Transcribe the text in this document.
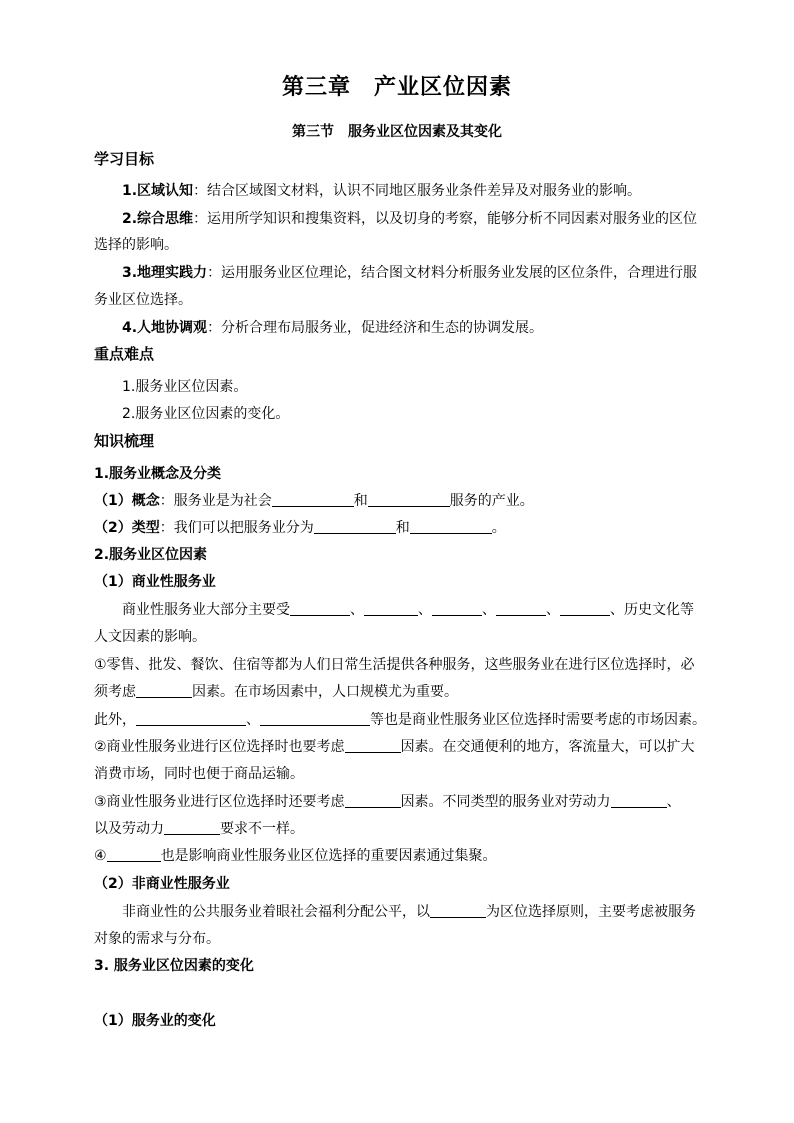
第三章　产业区位因素
第三节　服务业区位因素及其变化
学习目标
1.区域认知：结合区域图文材料，认识不同地区服务业条件差异及对服务业的影响。
2.综合思维：运用所学知识和搜集资料，以及切身的考察，能够分析不同因素对服务业的区位
选择的影响。
3.地理实践力：运用服务业区位理论，结合图文材料分析服务业发展的区位条件，合理进行服
务业区位选择。
4.人地协调观：分析合理布局服务业，促进经济和生态的协调发展。
重点难点
1.服务业区位因素。
2.服务业区位因素的变化。
知识梳理
1.服务业概念及分类
（1）概念：服务业是为社会	和	服务的产业。
（2）类型：我们可以把服务业分为	和	。
2.服务业区位因素
（1）商业性服务业
商业性服务业大部分主要受	、	、	、	、	、历史文化等
人文因素的影响。
①零售、批发、餐饮、住宿等都为人们日常生活提供各种服务，这些服务业在进行区位选择时，必
须考虑	因素。在市场因素中，人口规模尤为重要。
此外，	、	等也是商业性服务业区位选择时需要考虑的市场因素。
②商业性服务业进行区位选择时也要考虑	因素。在交通便利的地方，客流量大，可以扩大
消费市场，同时也便于商品运输。
③商业性服务业进行区位选择时还要考虑	因素。不同类型的服务业对劳动力	、
以及劳动力	要求不一样。
④	也是影响商业性服务业区位选择的重要因素通过集聚。
（2）非商业性服务业
非商业性的公共服务业着眼社会福利分配公平，以	为区位选择原则，主要考虑被服务
对象的需求与分布。
3. 服务业区位因素的变化
（1）服务业的变化
